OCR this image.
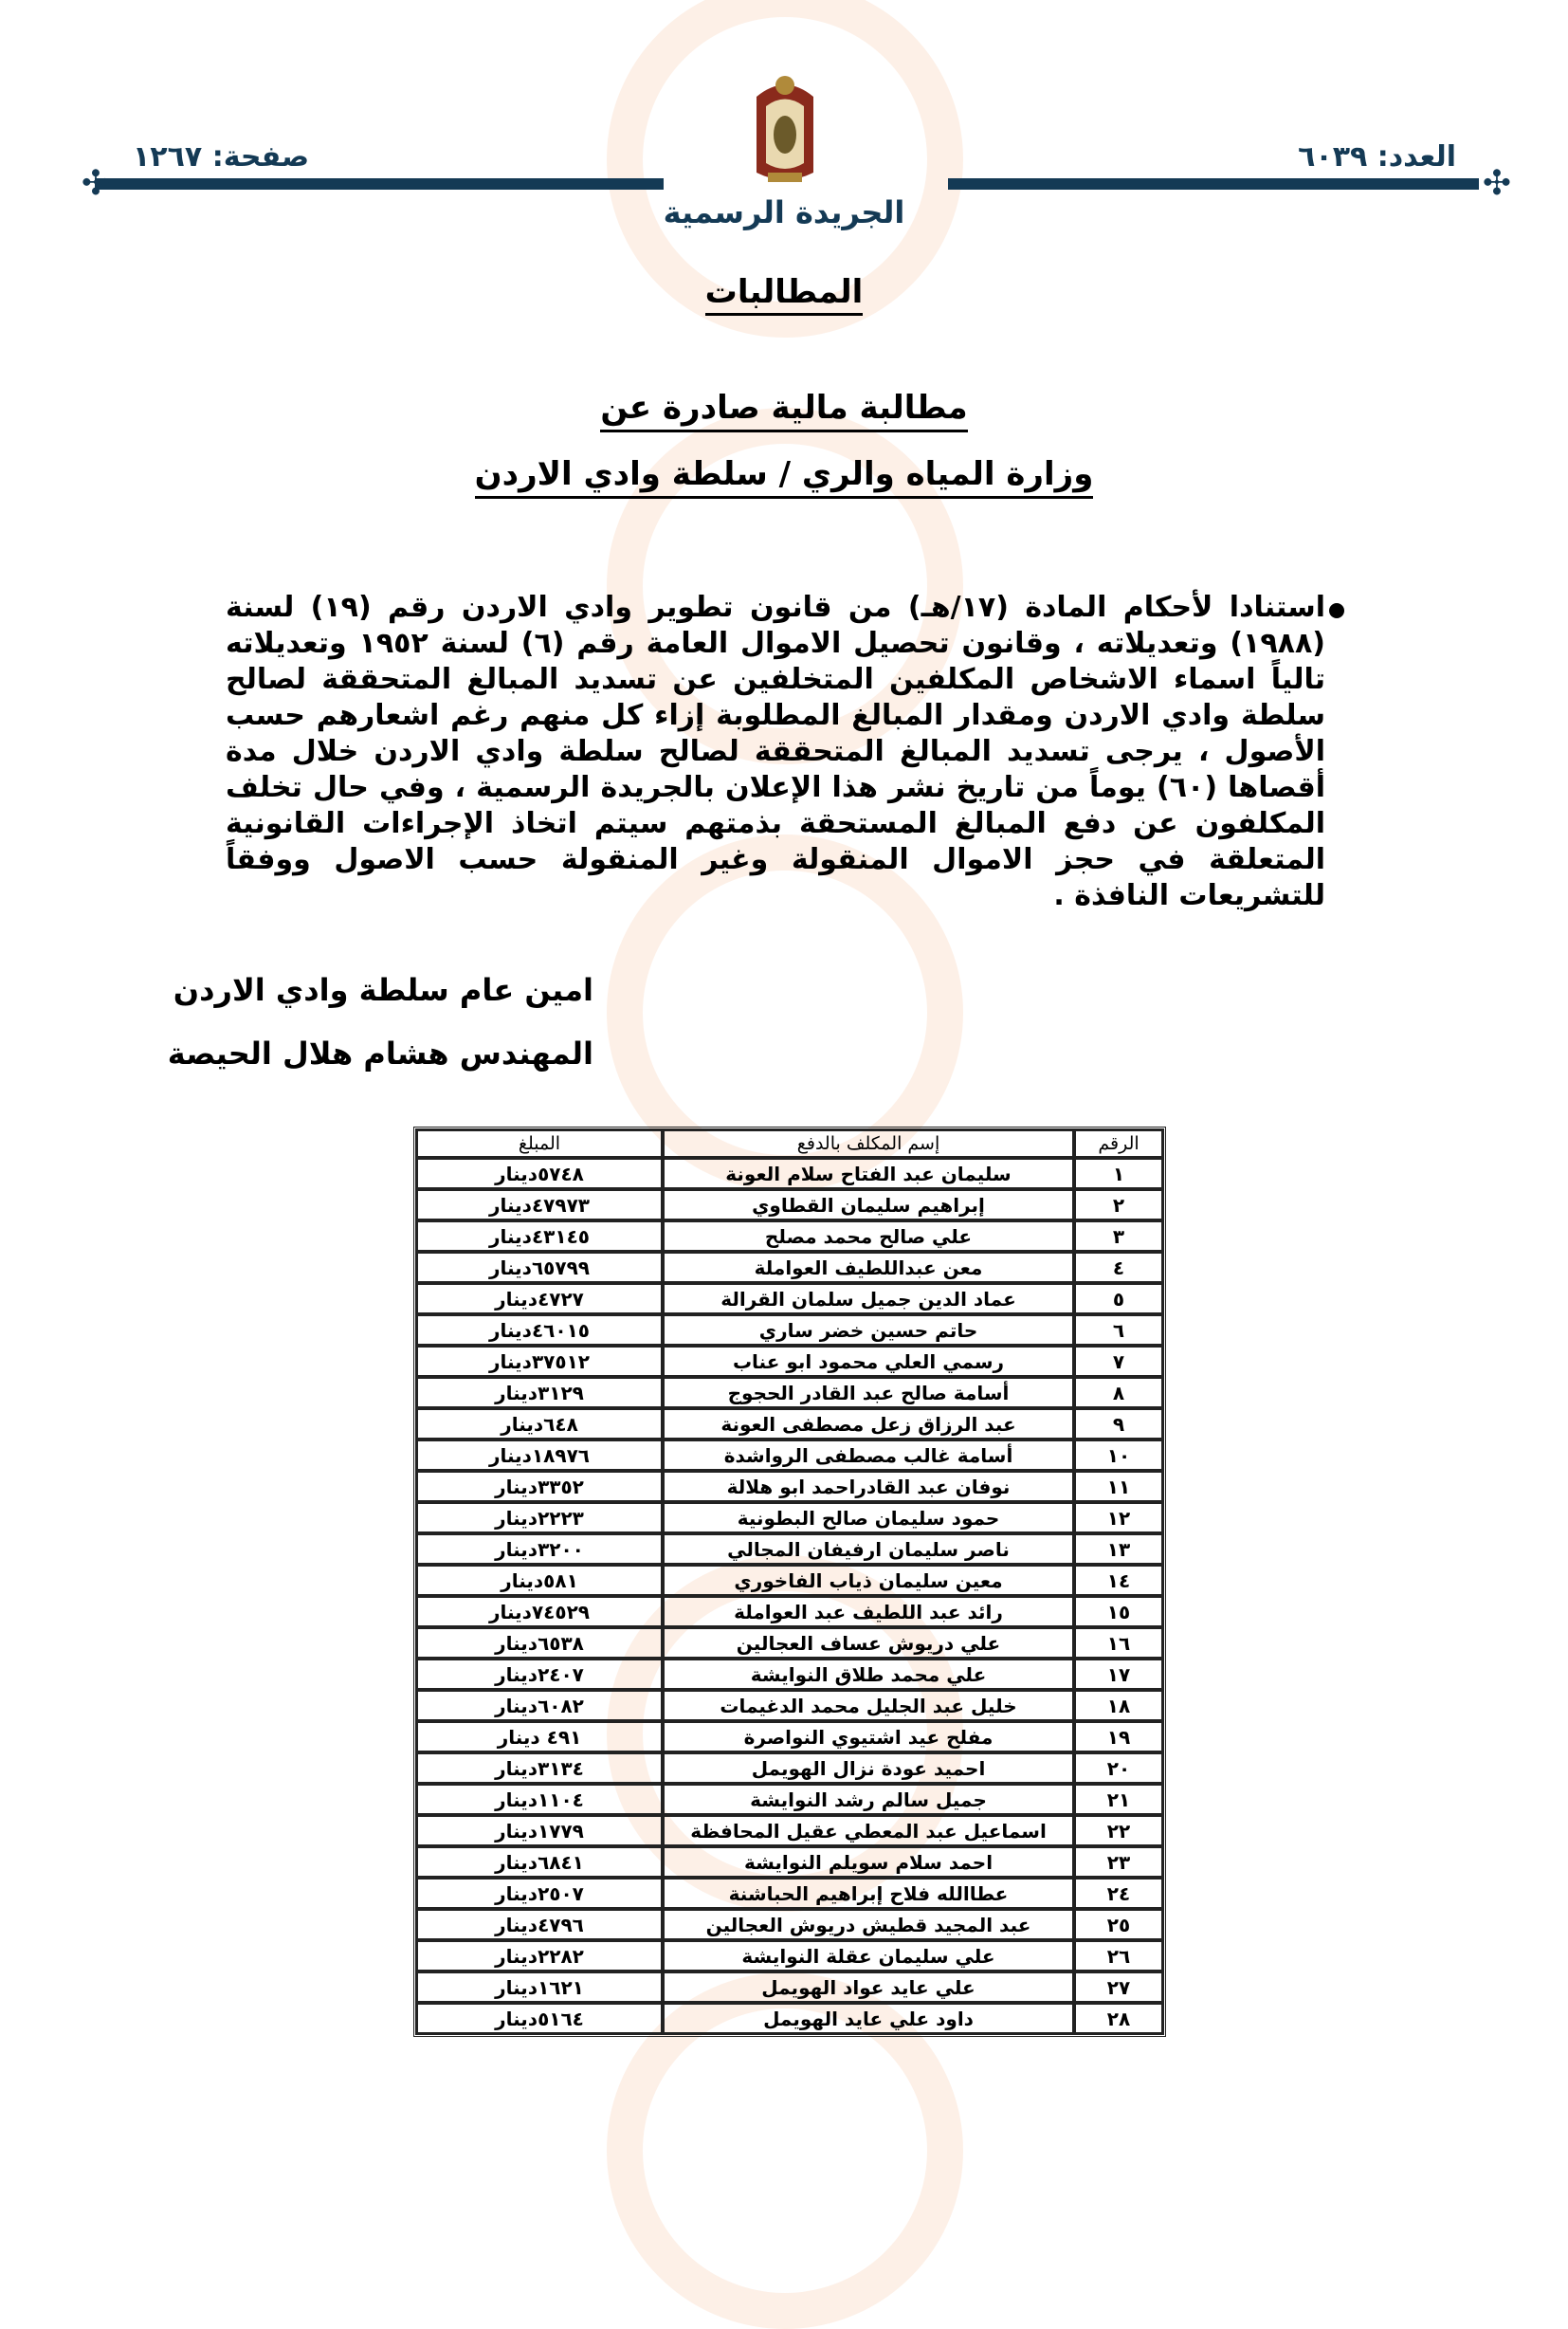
✣
✣
العدد: ٦٠٣٩
صفحة: ١٢٦٧
الجريدة الرسمية
المطالبات
مطالبة مالية صادرة عن
وزارة المياه والري / سلطة وادي الاردن
استنادا لأحكام المادة (١٧/هـ) من قانون تطوير وادي الاردن رقم (١٩) لسنة (١٩٨٨) وتعديلاته ، وقانون تحصيل الاموال العامة رقم (٦) لسنة ١٩٥٢ وتعديلاته تالياً اسماء الاشخاص المكلفين المتخلفين عن تسديد المبالغ المتحققة لصالح سلطة وادي الاردن ومقدار المبالغ المطلوبة إزاء كل منهم رغم اشعارهم حسب الأصول ، يرجى تسديد المبالغ المتحققة لصالح سلطة وادي الاردن خلال مدة أقصاها (٦٠) يوماً من تاريخ نشر هذا الإعلان بالجريدة الرسمية ، وفي حال تخلف المكلفون عن دفع المبالغ المستحقة بذمتهم سيتم اتخاذ الإجراءات القانونية المتعلقة في حجز الاموال المنقولة وغير المنقولة حسب الاصول ووفقاً للتشريعات النافذة .
امين عام سلطة وادي الاردن
المهندس هشام هلال الحيصة
الرقم	إسم المكلف بالدفع	المبلغ
١	سليمان عبد الفتاح سلام العونة	٥٧٤٨دينار
٢	إبراهيم سليمان القطاوي	٤٧٩٧٣دينار
٣	علي صالح محمد مصلح	٤٣١٤٥دينار
٤	معن عبداللطيف العواملة	٦٥٧٩٩دينار
٥	عماد الدين جميل سلمان القرالة	٤٧٢٧دينار
٦	حاتم حسين خضر ساري	٤٦٠١٥دينار
٧	رسمي العلي محمود ابو عناب	٣٧٥١٢دينار
٨	أسامة صالح عبد القادر الحجوج	٣١٢٩دينار
٩	عبد الرزاق زعل مصطفى العونة	٦٤٨دينار
١٠	أسامة غالب مصطفى الرواشدة	١٨٩٧٦دينار
١١	نوفان عبد القادراحمد ابو هلالة	٣٣٥٢دينار
١٢	حمود سليمان صالح البطونية	٢٢٢٣دينار
١٣	ناصر سليمان ارفيفان المجالي	٣٢٠٠دينار
١٤	معين سليمان ذياب الفاخوري	٥٨١دينار
١٥	رائد عبد اللطيف عبد العواملة	٧٤٥٢٩دينار
١٦	علي دريوش عساف العجالين	٦٥٣٨دينار
١٧	علي محمد طلاق النوايشة	٢٤٠٧دينار
١٨	خليل عبد الجليل محمد الدغيمات	٦٠٨٢دينار
١٩	مفلح عيد اشتيوي النواصرة	٤٩١ دينار
٢٠	احميد عودة نزال الهويمل	٣١٣٤دينار
٢١	جميل سالم رشد النوايشة	١١٠٤دينار
٢٢	اسماعيل عبد المعطي عقيل المحافظة	١٧٧٩دينار
٢٣	احمد سلام سويلم النوايشة	٦٨٤١دينار
٢٤	عطاالله فلاح إبراهيم الحباشنة	٢٥٠٧دينار
٢٥	عبد المجيد قطيش دريوش العجالين	٤٧٩٦دينار
٢٦	علي سليمان عقلة النوايشة	٢٢٨٢دينار
٢٧	علي عايد عواد الهويمل	١٦٢١دينار
٢٨	داود علي عايد الهويمل	٥١٦٤دينار
